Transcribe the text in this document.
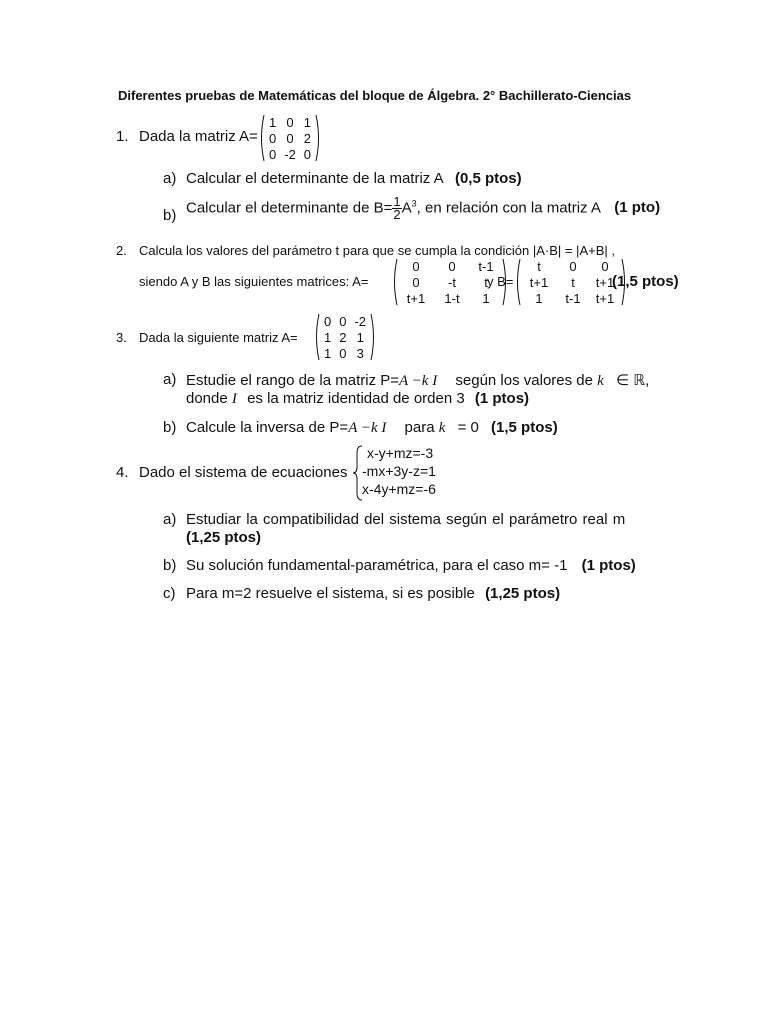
Diferentes pruebas de Matemáticas del bloque de Álgebra. 2° Bachillerato-Ciencias
1. Dada la matriz A=
1	0	1
0	0	2
0	-2	0
a) Calcular el determinante de la matriz A (0,5 ptos)
b) Calcular el determinante de $B= \frac{1}{2} A^3$, en relación con la matriz A (1 pto)
2. Calcula los valores del parámetro t para que se cumpla la condición |A·B| = |A+B| ,
siendo A y B las siguientes matrices: A=
0	0	t-1
0	-t	t
t+1	1-t	1
y B=
t	0	0
t+1	t	t+1
1	t-1	t+1
(1,5 ptos)
3. Dada la siguiente matriz A=
0	0	-2
1	2	1
1	0	3
a) Estudie el rango de la matriz P=A −k I según los valores de k ∈ ℝ,
donde I es la matriz identidad de orden 3 (1 ptos)
b) Calcule la inversa de P=A −k I para k = 0 (1,5 ptos)
4. Dado el sistema de ecuaciones
x-y+mz=-3
-mx+3y-z=1
x-4y+mz=-6
a) Estudiar la compatibilidad del sistema según el parámetro real m
(1,25 ptos)
b) Su solución fundamental-paramétrica, para el caso m= -1 (1 ptos)
c) Para m=2 resuelve el sistema, si es posible (1,25 ptos)
